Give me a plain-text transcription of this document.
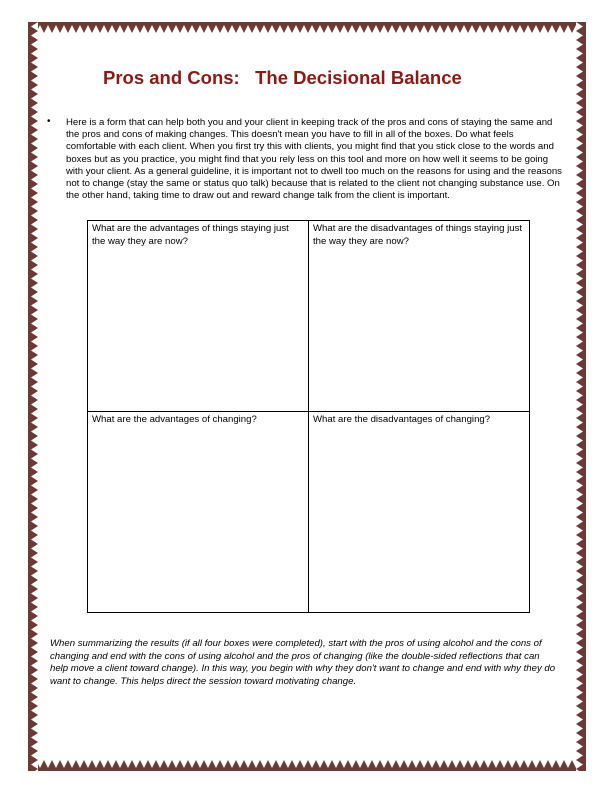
Pros and Cons:   The Decisional Balance
• Here is a form that can help both you and your client in keeping track of the pros and cons of staying the same and the pros and cons of making changes. This doesn't mean you have to fill in all of the boxes. Do what feels comfortable with each client. When you first try this with clients, you might find that you stick close to the words and boxes but as you practice, you might find that you rely less on this tool and more on how well it seems to be going with your client. As a general guideline, it is important not to dwell too much on the reasons for using and the reasons not to change (stay the same or status quo talk) because that is related to the client not changing substance use. On the other hand, taking time to draw out and reward change talk from the client is important.

What are the advantages of things staying just the way they are now?
What are the disadvantages of things staying just the way they are now?
What are the advantages of changing?	What are the disadvantages of changing?

When summarizing the results (if all four boxes were completed), start with the pros of using alcohol and the cons of changing and end with the cons of using alcohol and the pros of changing (like the double-sided reflections that can help move a client toward change). In this way, you begin with why they don't want to change and end with why they do want to change. This helps direct the session toward motivating change.
